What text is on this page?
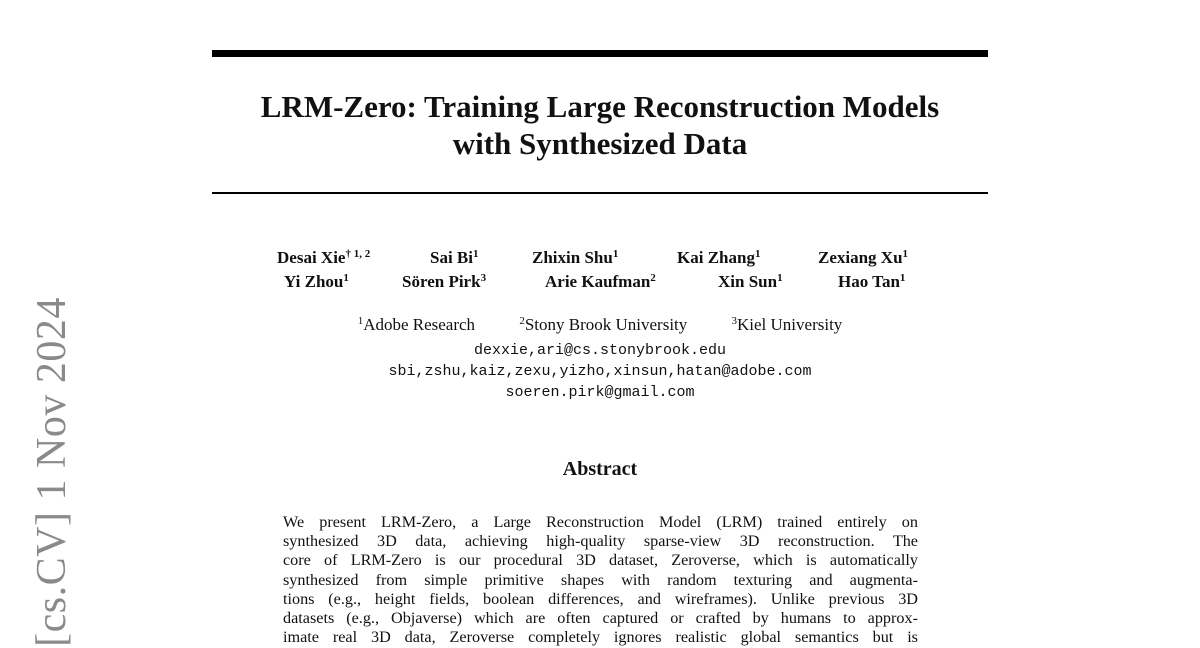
LRM-Zero: Training Large Reconstruction Models
with Synthesized Data
Desai Xie$^{\dagger 1, 2}$	Sai Bi$^1$	Zhixin Shu$^1$	Kai Zhang$^1$	Zexiang Xu$^1$
Yi Zhou$^1$	Sören Pirk$^3$	Arie Kaufman$^2$	Xin Sun$^1$	Hao Tan$^1$
$^1$Adobe Research	$^2$Stony Brook University	$^3$Kiel University
dexxie,ari@cs.stonybrook.edu
sbi,zshu,kaiz,zexu,yizho,xinsun,hatan@adobe.com
soeren.pirk@gmail.com
Abstract
We present LRM-Zero, a Large Reconstruction Model (LRM) trained entirely on
synthesized 3D data, achieving high-quality sparse-view 3D reconstruction. The
core of LRM-Zero is our procedural 3D dataset, Zeroverse, which is automatically
synthesized from simple primitive shapes with random texturing and augmenta-
tions (e.g., height fields, boolean differences, and wireframes). Unlike previous 3D
datasets (e.g., Objaverse) which are often captured or crafted by humans to approx-
imate real 3D data, Zeroverse completely ignores realistic global semantics but is
[cs.CV] 1 Nov 2024
